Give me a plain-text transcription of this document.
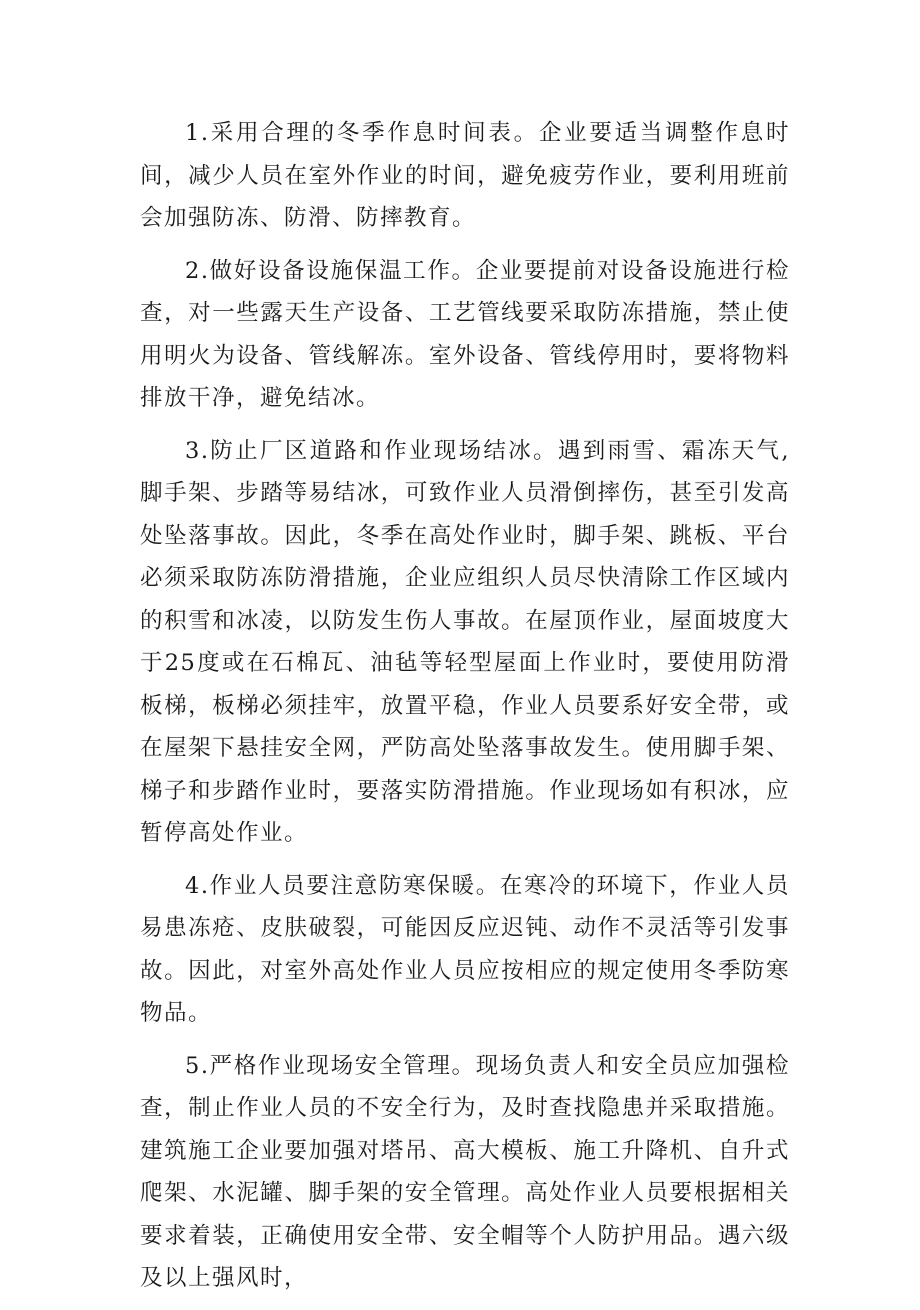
1.采用合理的冬季作息时间表。企业要适当调整作息时间，减少人员在室外作业的时间，避免疲劳作业，要利用班前会加强防冻、防滑、防摔教育。

2.做好设备设施保温工作。企业要提前对设备设施进行检查，对一些露天生产设备、工艺管线要采取防冻措施，禁止使用明火为设备、管线解冻。室外设备、管线停用时，要将物料排放干净，避免结冰。

3.防止厂区道路和作业现场结冰。遇到雨雪、霜冻天气,脚手架、步踏等易结冰，可致作业人员滑倒摔伤，甚至引发高处坠落事故。因此，冬季在高处作业时，脚手架、跳板、平台必须采取防冻防滑措施，企业应组织人员尽快清除工作区域内的积雪和冰凌，以防发生伤人事故。在屋顶作业，屋面坡度大于25度或在石棉瓦、油毡等轻型屋面上作业时，要使用防滑板梯，板梯必须挂牢，放置平稳，作业人员要系好安全带，或在屋架下悬挂安全网，严防高处坠落事故发生。使用脚手架、梯子和步踏作业时，要落实防滑措施。作业现场如有积冰，应暂停高处作业。

4.作业人员要注意防寒保暖。在寒冷的环境下，作业人员易患冻疮、皮肤破裂，可能因反应迟钝、动作不灵活等引发事故。因此，对室外高处作业人员应按相应的规定使用冬季防寒物品。

5.严格作业现场安全管理。现场负责人和安全员应加强检查，制止作业人员的不安全行为，及时查找隐患并采取措施。建筑施工企业要加强对塔吊、高大模板、施工升降机、自升式爬架、水泥罐、脚手架的安全管理。高处作业人员要根据相关要求着装，正确使用安全带、安全帽等个人防护用品。遇六级及以上强风时，
